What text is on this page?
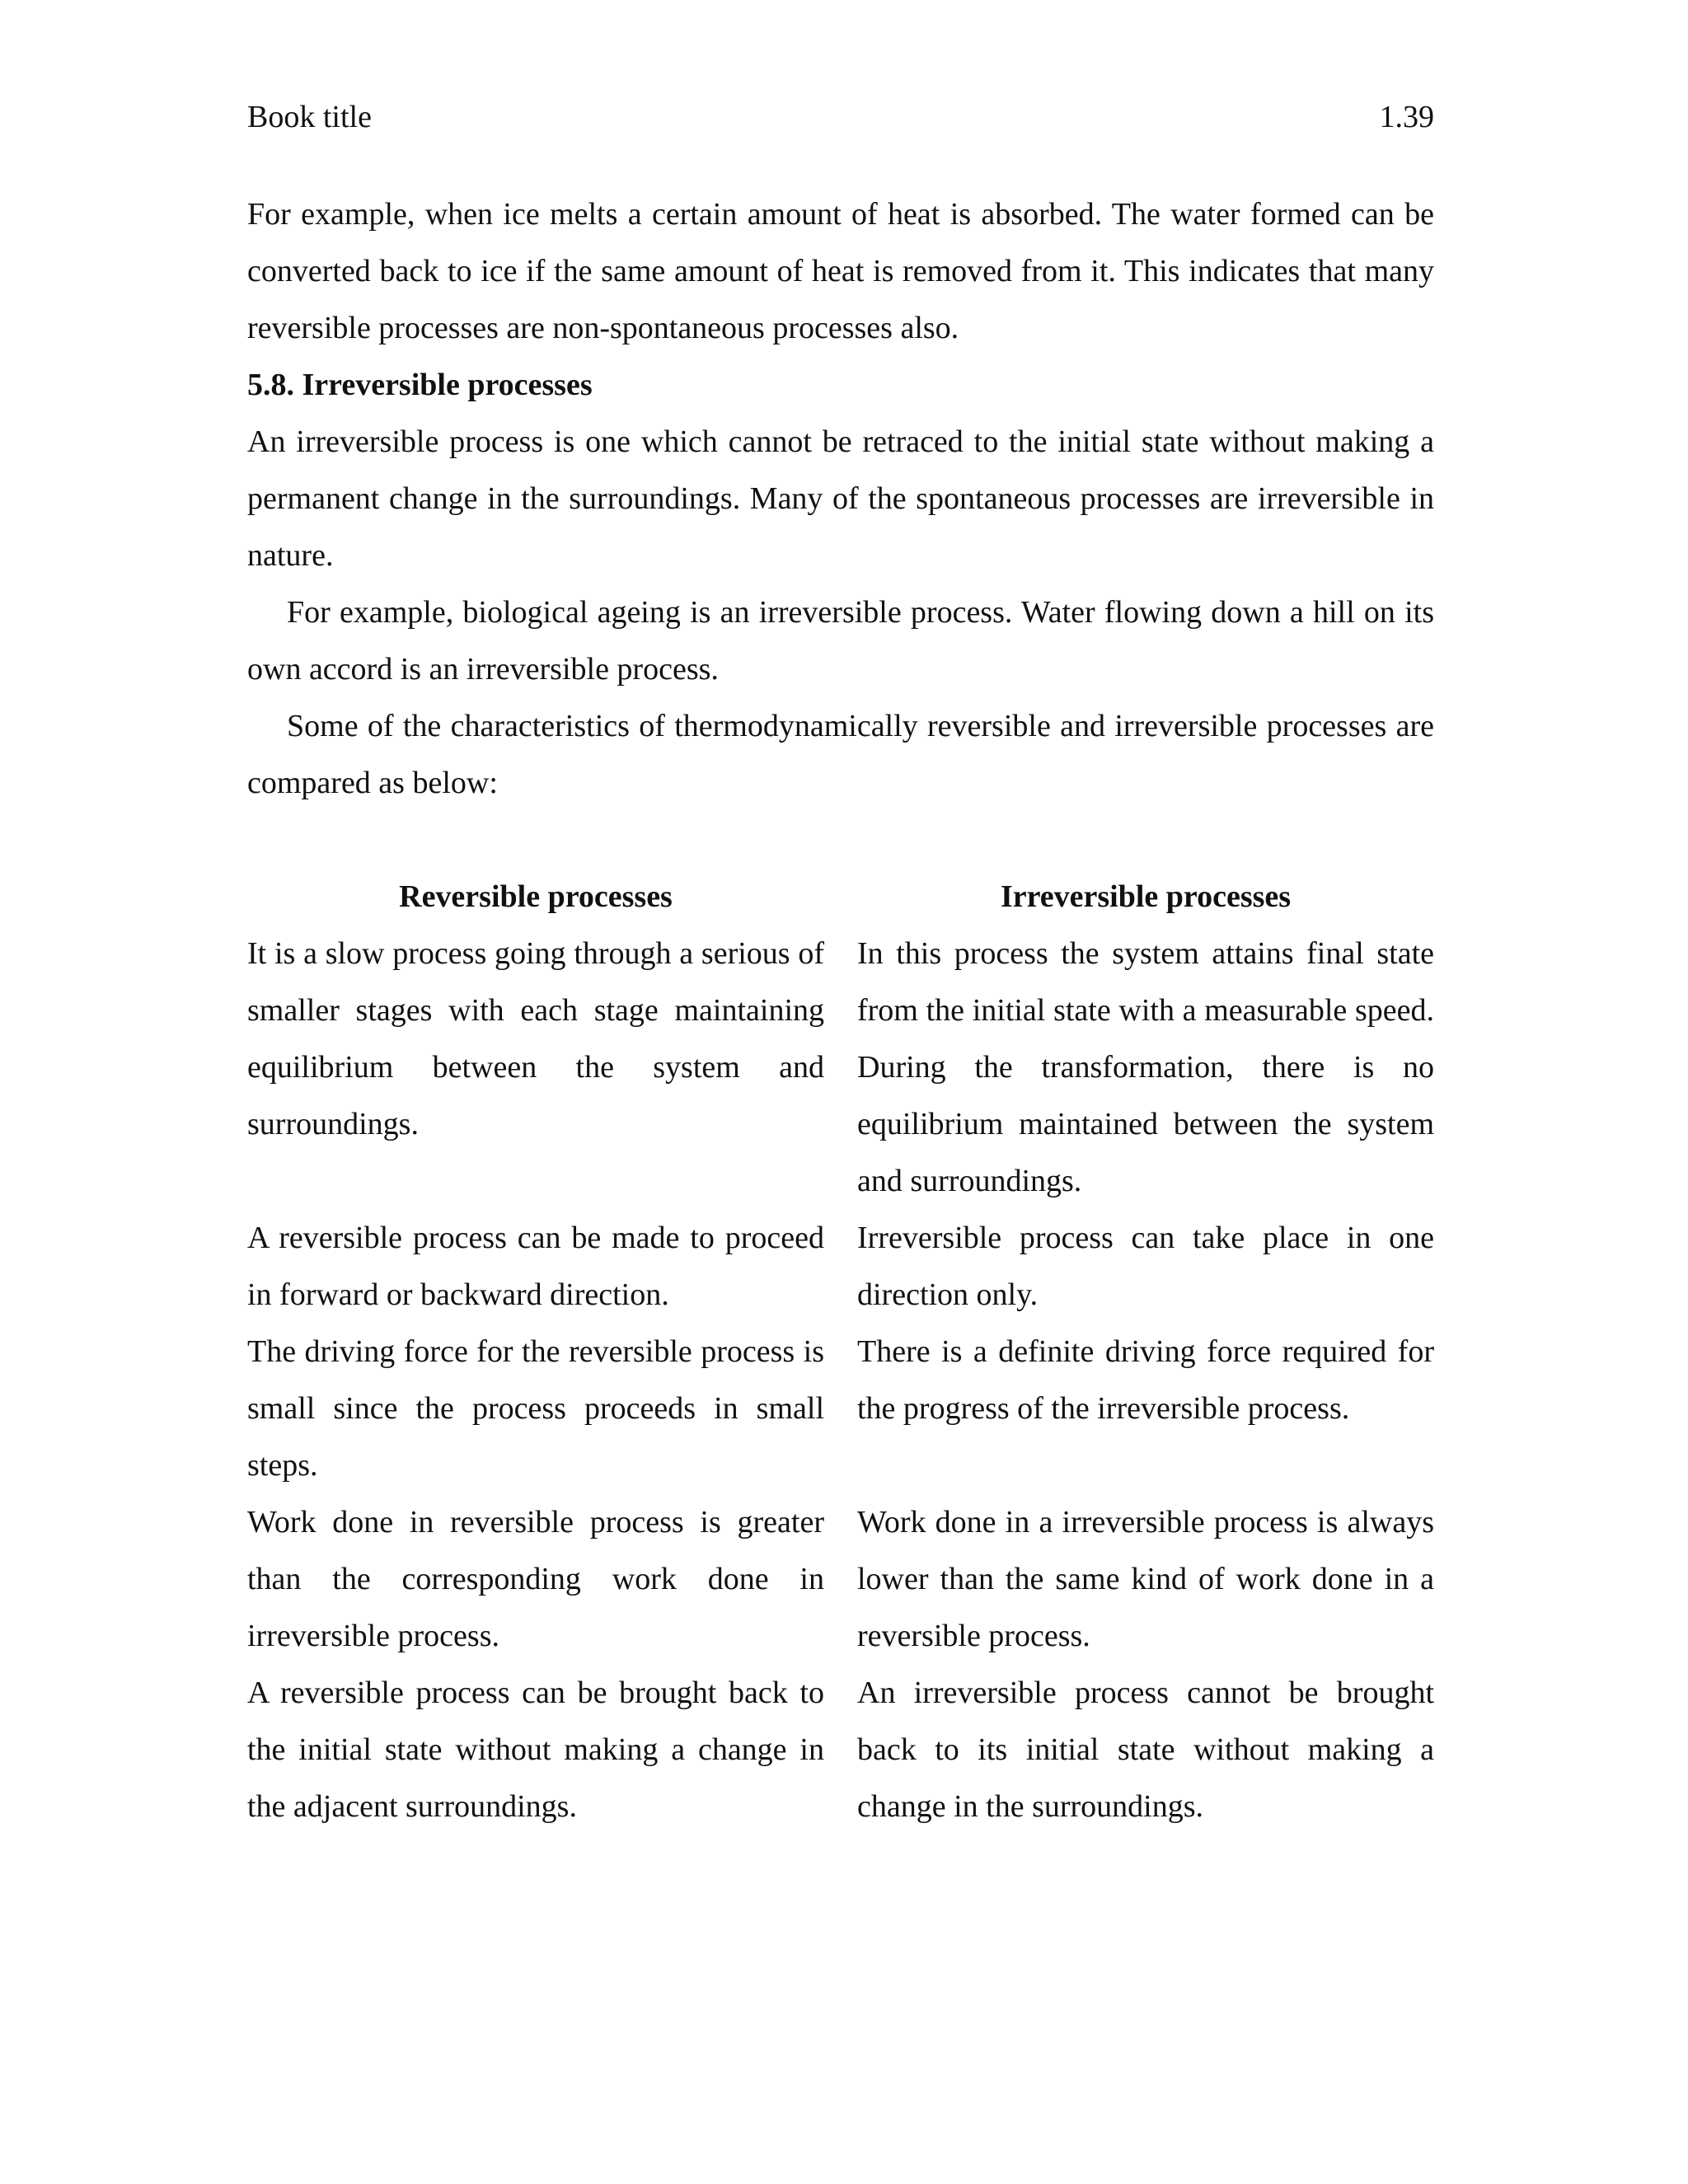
Book title	1.39

For example, when ice melts a certain amount of heat is absorbed. The water formed can be converted back to ice if the same amount of heat is removed from it. This indicates that many reversible processes are non-spontaneous processes also.

5.8. Irreversible processes

An irreversible process is one which cannot be retraced to the initial state without making a permanent change in the surroundings. Many of the spontaneous processes are irreversible in nature.

For example, biological ageing is an irreversible process. Water flowing down a hill on its own accord is an irreversible process.

Some of the characteristics of thermodynamically reversible and irreversible processes are compared as below:

Reversible processes	Irreversible processes
It is a slow process going through a serious of smaller stages with each stage maintaining equilibrium between the system and surroundings.
In this process the system attains final state from the initial state with a measurable speed. During the transformation, there is no equilibrium maintained between the system and surroundings.
A reversible process can be made to proceed in forward or backward direction.
Irreversible process can take place in one direction only.
The driving force for the reversible process is small since the process proceeds in small steps.
There is a definite driving force required for the progress of the irreversible process.
Work done in reversible process is greater than the corresponding work done in irreversible process.
Work done in a irreversible process is always lower than the same kind of work done in a reversible process.
A reversible process can be brought back to the initial state without making a change in the adjacent surroundings.
An irreversible process cannot be brought back to its initial state without making a change in the surroundings.
